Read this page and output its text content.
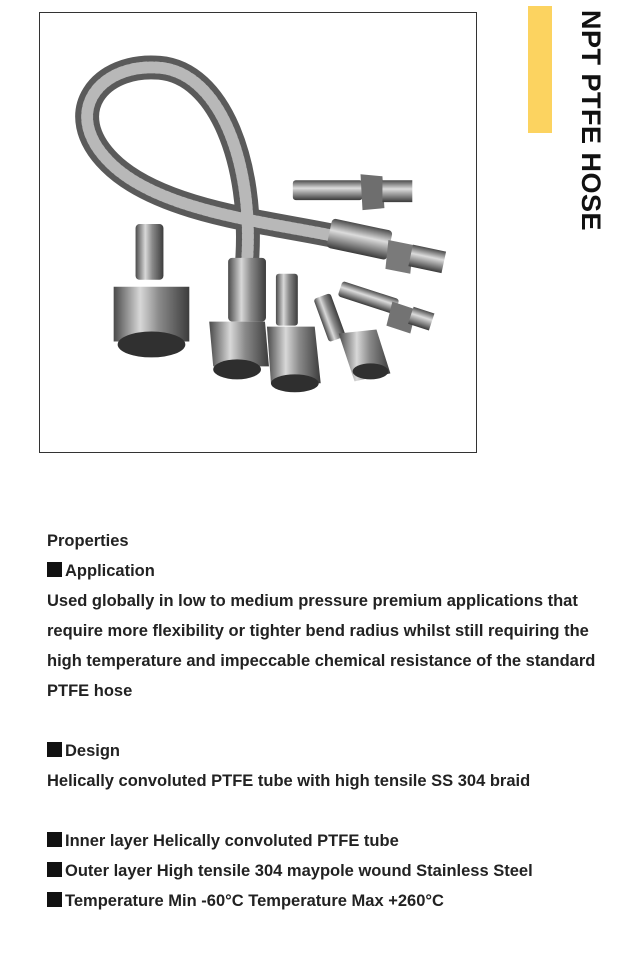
NPT PTFE HOSE

Properties

Application

Used globally in low to medium pressure premium applications that require more flexibility or tighter bend radius whilst still requiring the high temperature and impeccable chemical resistance of the standard PTFE hose

Design

Helically convoluted PTFE tube with high tensile SS 304 braid

Inner layer Helically convoluted PTFE tube

Outer layer High tensile 304 maypole wound Stainless Steel

Temperature Min -60°C Temperature Max +260°C
